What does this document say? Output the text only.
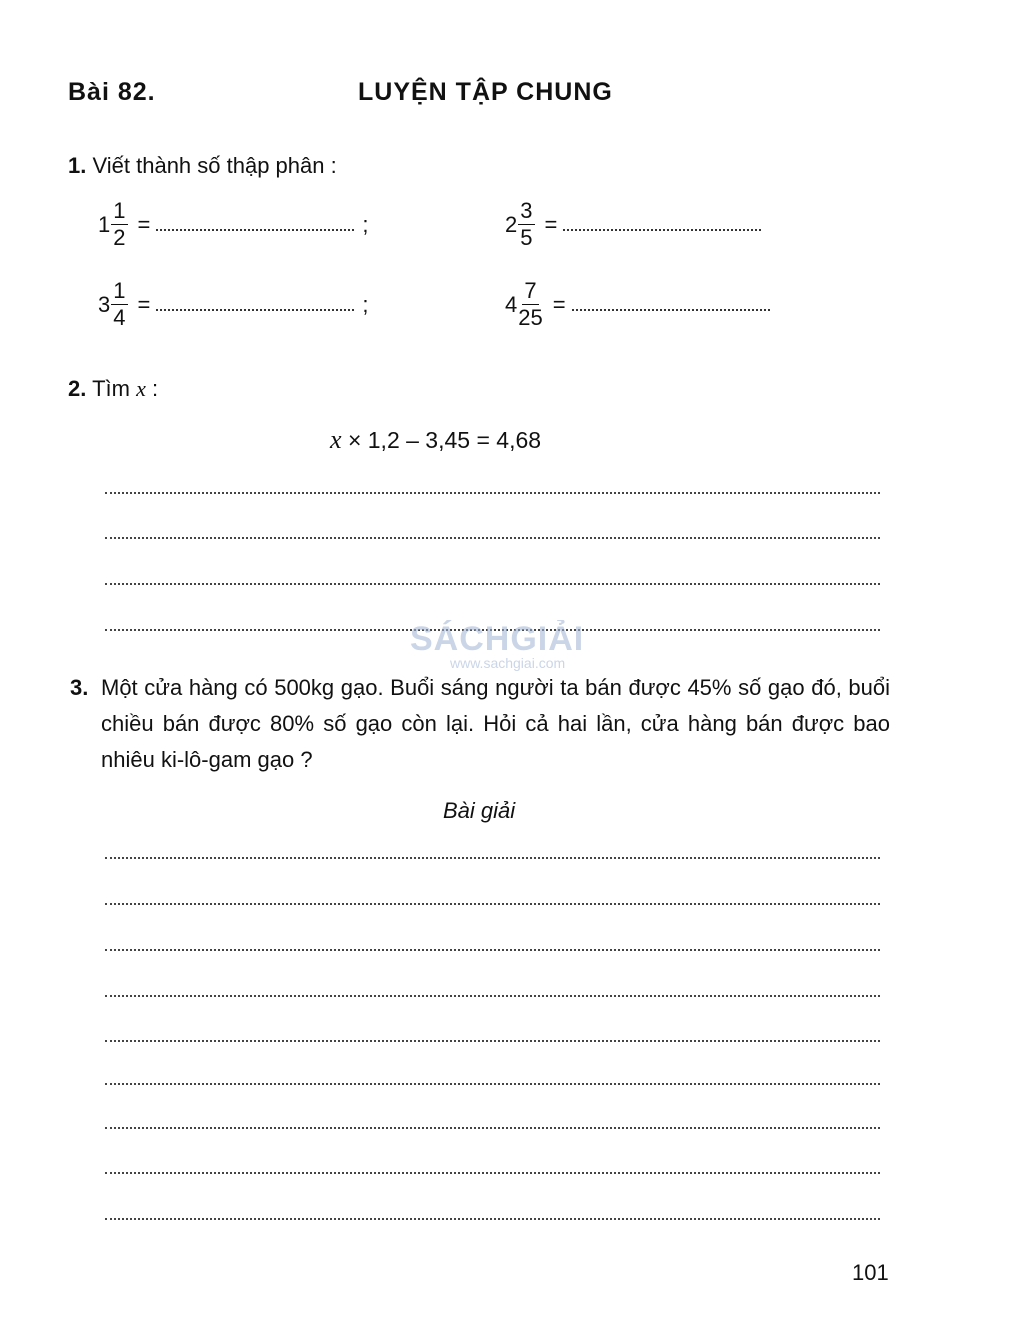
Bài 82.	LUYỆN TẬP CHUNG
1. Viết thành số thập phân :
$1 \frac{1}{2}$ =	;	$2 \frac{3}{5}$ =
$3 \frac{1}{4}$ =	;	$4 \frac{7}{25}$ =
2. Tìm x :
x × 1,2 – 3,45 = 4,68
SÁCHGIẢI
www.sachgiai.com
3. Một cửa hàng có 500kg gạo. Buổi sáng người ta bán được 45% số gạo đó, buổi chiều bán được 80% số gạo còn lại. Hỏi cả hai lần, cửa hàng bán được bao nhiêu ki-lô-gam gạo ?
Bài giải
101
